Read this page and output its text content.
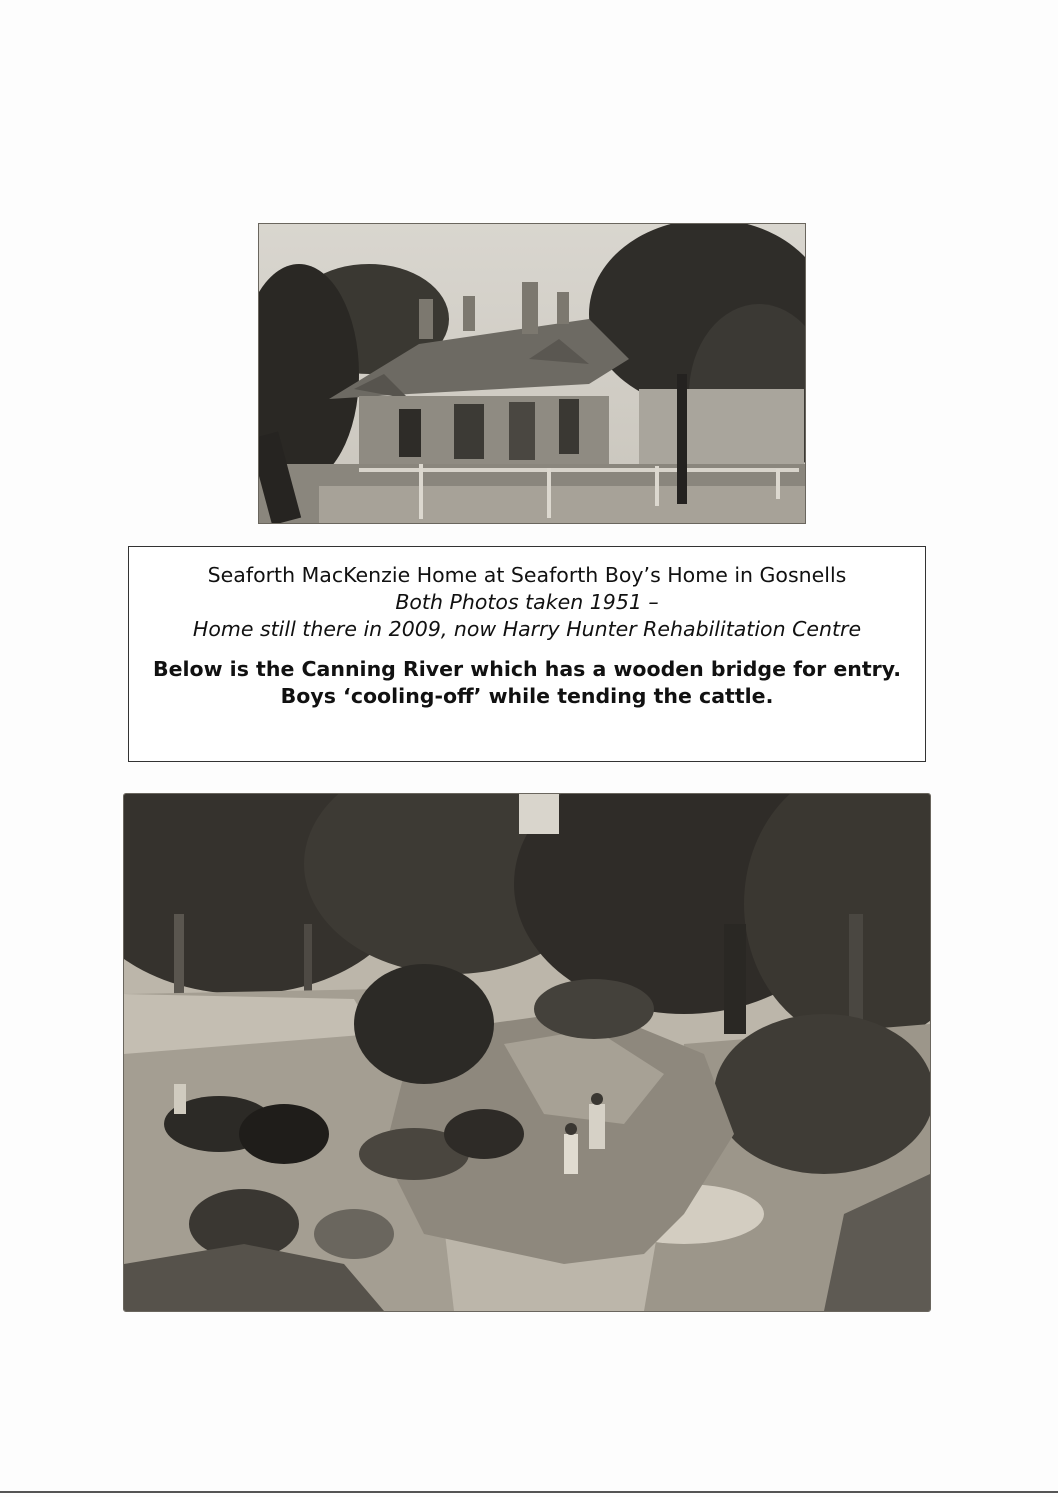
Seaforth MacKenzie Home at Seaforth Boy’s Home in Gosnells
Both Photos taken 1951 –
Home still there in 2009, now Harry Hunter Rehabilitation Centre
Below is the Canning River which has a wooden bridge for entry.
Boys ‘cooling-off’ while tending the cattle.
